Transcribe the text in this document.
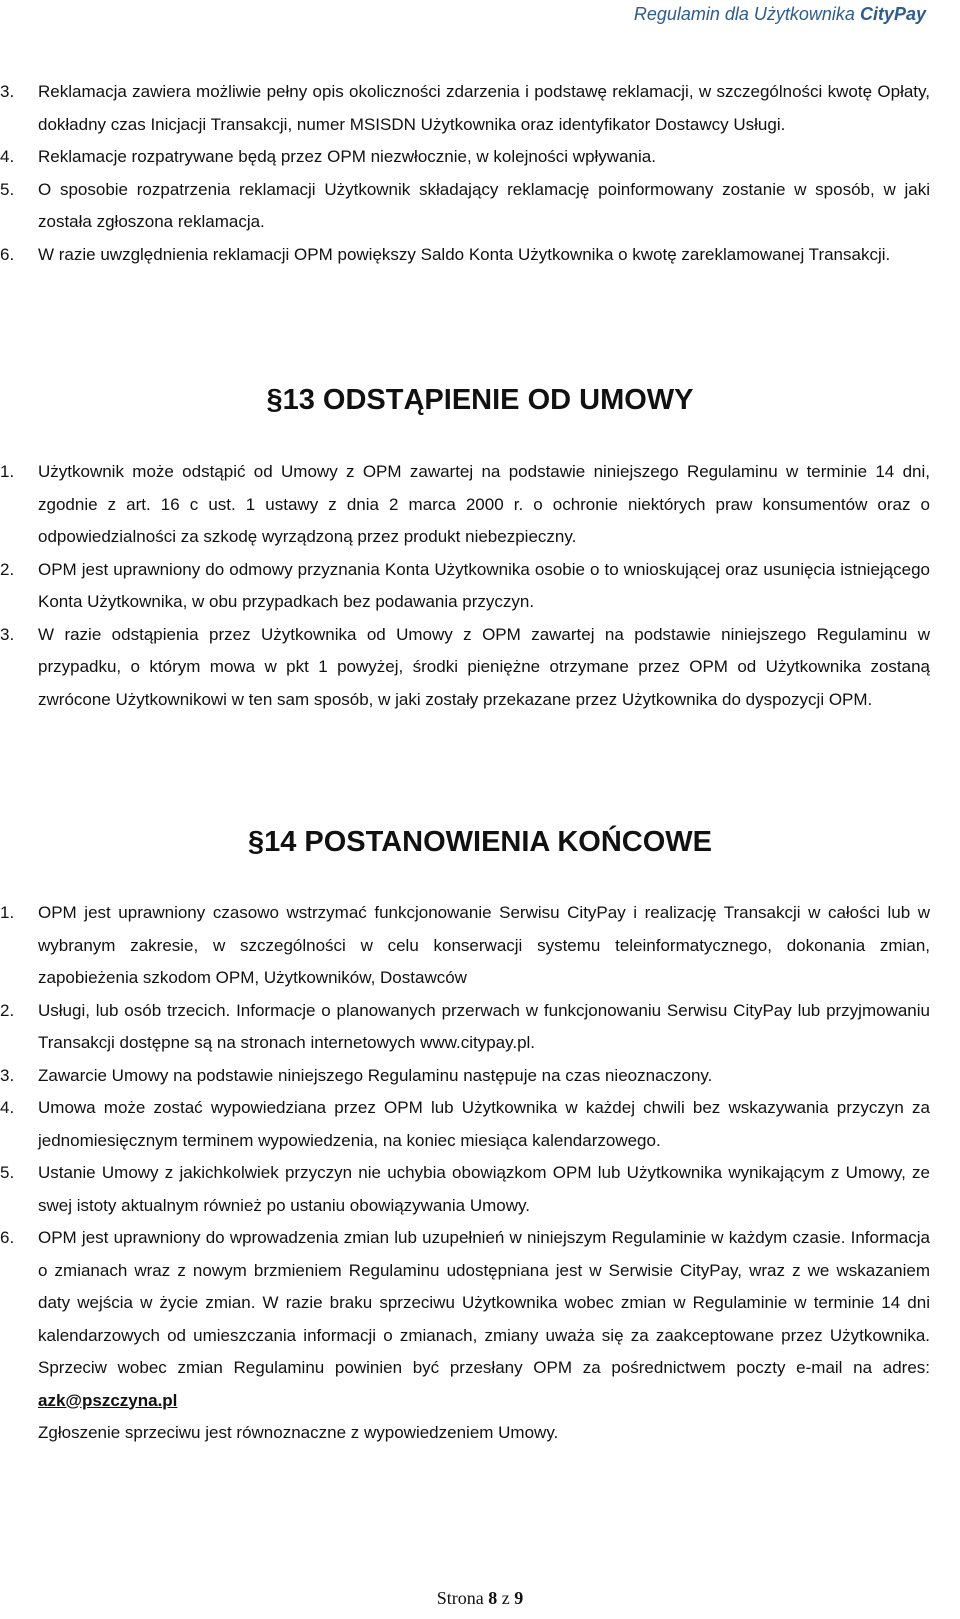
Regulamin dla Użytkownika CityPay
3. Reklamacja zawiera możliwie pełny opis okoliczności zdarzenia i podstawę reklamacji, w szczególności kwotę Opłaty, dokładny czas Inicjacji Transakcji, numer MSISDN Użytkownika oraz identyfikator Dostawcy Usługi.
4. Reklamacje rozpatrywane będą przez OPM niezwłocznie, w kolejności wpływania.
5. O sposobie rozpatrzenia reklamacji Użytkownik składający reklamację poinformowany zostanie w sposób, w jaki została zgłoszona reklamacja.
6. W razie uwzględnienia reklamacji OPM powiększy Saldo Konta Użytkownika o kwotę zareklamowanej Transakcji.
§13 ODSTĄPIENIE OD UMOWY
1. Użytkownik może odstąpić od Umowy z OPM zawartej na podstawie niniejszego Regulaminu w terminie 14 dni, zgodnie z art. 16 c ust. 1 ustawy z dnia 2 marca 2000 r. o ochronie niektórych praw konsumentów oraz o odpowiedzialności za szkodę wyrządzoną przez produkt niebezpieczny.
2. OPM jest uprawniony do odmowy przyznania Konta Użytkownika osobie o to wnioskującej oraz usunięcia istniejącego Konta Użytkownika, w obu przypadkach bez podawania przyczyn.
3. W razie odstąpienia przez Użytkownika od Umowy z OPM zawartej na podstawie niniejszego Regulaminu w przypadku, o którym mowa w pkt 1 powyżej, środki pieniężne otrzymane przez OPM od Użytkownika zostaną zwrócone Użytkownikowi w ten sam sposób, w jaki zostały przekazane przez Użytkownika do dyspozycji OPM.
§14 POSTANOWIENIA KOŃCOWE
1. OPM jest uprawniony czasowo wstrzymać funkcjonowanie Serwisu CityPay i realizację Transakcji w całości lub w wybranym zakresie, w szczególności w celu konserwacji systemu teleinformatycznego, dokonania zmian, zapobieżenia szkodom OPM, Użytkowników, Dostawców
2. Usługi, lub osób trzecich. Informacje o planowanych przerwach w funkcjonowaniu Serwisu CityPay lub przyjmowaniu Transakcji dostępne są na stronach internetowych www.citypay.pl.
3. Zawarcie Umowy na podstawie niniejszego Regulaminu następuje na czas nieoznaczony.
4. Umowa może zostać wypowiedziana przez OPM lub Użytkownika w każdej chwili bez wskazywania przyczyn za jednomiesięcznym terminem wypowiedzenia, na koniec miesiąca kalendarzowego.
5. Ustanie Umowy z jakichkolwiek przyczyn nie uchybia obowiązkom OPM lub Użytkownika wynikającym z Umowy, ze swej istoty aktualnym również po ustaniu obowiązywania Umowy.
6. OPM jest uprawniony do wprowadzenia zmian lub uzupełnień w niniejszym Regulaminie w każdym czasie. Informacja o zmianach wraz z nowym brzmieniem Regulaminu udostępniana jest w Serwisie CityPay, wraz z we wskazaniem daty wejścia w życie zmian. W razie braku sprzeciwu Użytkownika wobec zmian w Regulaminie w terminie 14 dni kalendarzowych od umieszczania informacji o zmianach, zmiany uważa się za zaakceptowane przez Użytkownika. Sprzeciw wobec zmian Regulaminu powinien być przesłany OPM za pośrednictwem poczty e-mail na adres: azk@pszczyna.pl
Zgłoszenie sprzeciwu jest równoznaczne z wypowiedzeniem Umowy.
Strona 8 z 9
